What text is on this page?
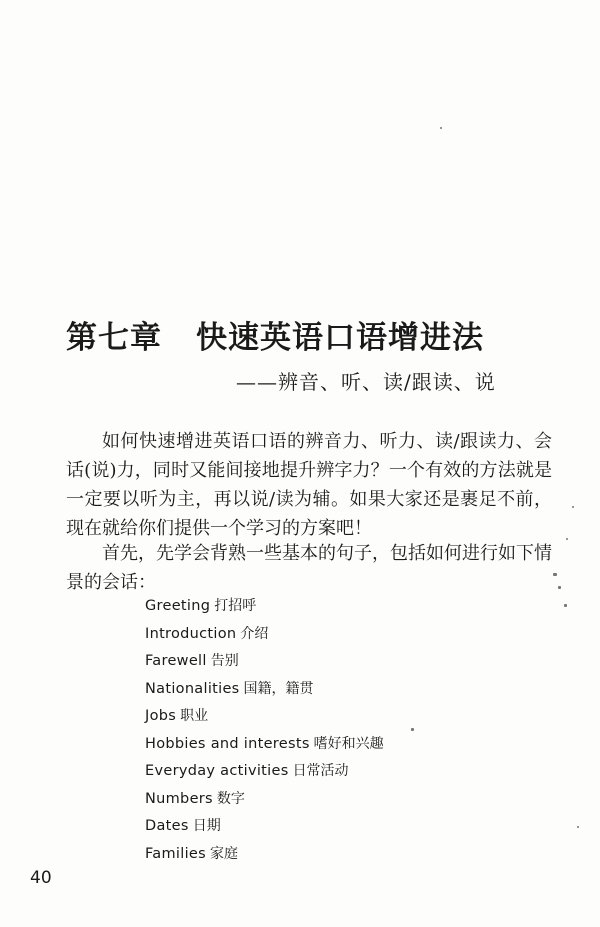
第七章 快速英语口语增进法
——辨音、听、读/跟读、说

如何快速增进英语口语的辨音力、听力、读/跟读力、会话(说)力，同时又能间接地提升辨字力？一个有效的方法就是一定要以听为主，再以说/读为辅。如果大家还是裹足不前，现在就给你们提供一个学习的方案吧！

首先，先学会背熟一些基本的句子，包括如何进行如下情景的会话：

Greeting 打招呼
Introduction 介绍
Farewell 告别
Nationalities 国籍，籍贯
Jobs 职业
Hobbies and interests 嗜好和兴趣
Everyday activities 日常活动
Numbers 数字
Dates 日期
Families 家庭
40
